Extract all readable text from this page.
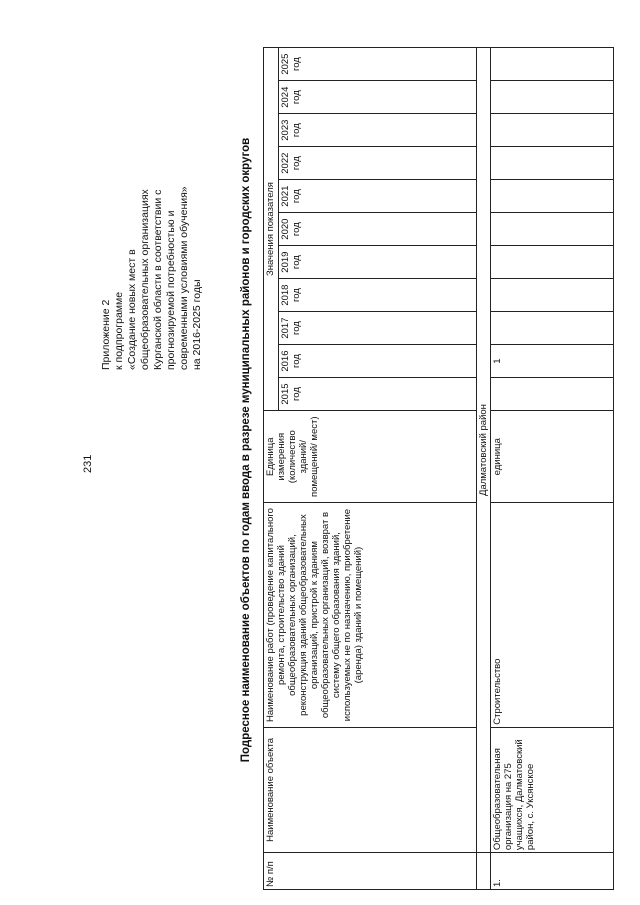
231
Приложение 2 к подпрограмме «Создание новых мест в общеобразовательных организациях Курганской области в соответствии с прогнозируемой потребностью и современными условиями обучения» на 2016-2025 годы	Подресное наименование объектов по годам ввода в разрезе муниципальных районов и городских округов
№ п/п	Наименование объекта	Наименование работ (проведение капитального ремонта, строительство зданий общеобразовательных организаций, реконструкция зданий общеобразовательных организаций, пристрой к зданиям общеобразовательных организаций, возврат в систему общего образования зданий, используемых не по назначению, приобретение (аренда) зданий и помещений)	Единица измерения (количество зданий/ помещений/ мест)	Значения показателя										
				2015 год	2016 год	2017 год	2018 год	2019 год	2020 год	2021 год	2022 год	2023 год	2024 год	2025 год
	Далматовский район													
1.	Общеобразовательная организация на 275 учащихся, Далматовский район, с. Уксянское	Строительство	единица		1									
